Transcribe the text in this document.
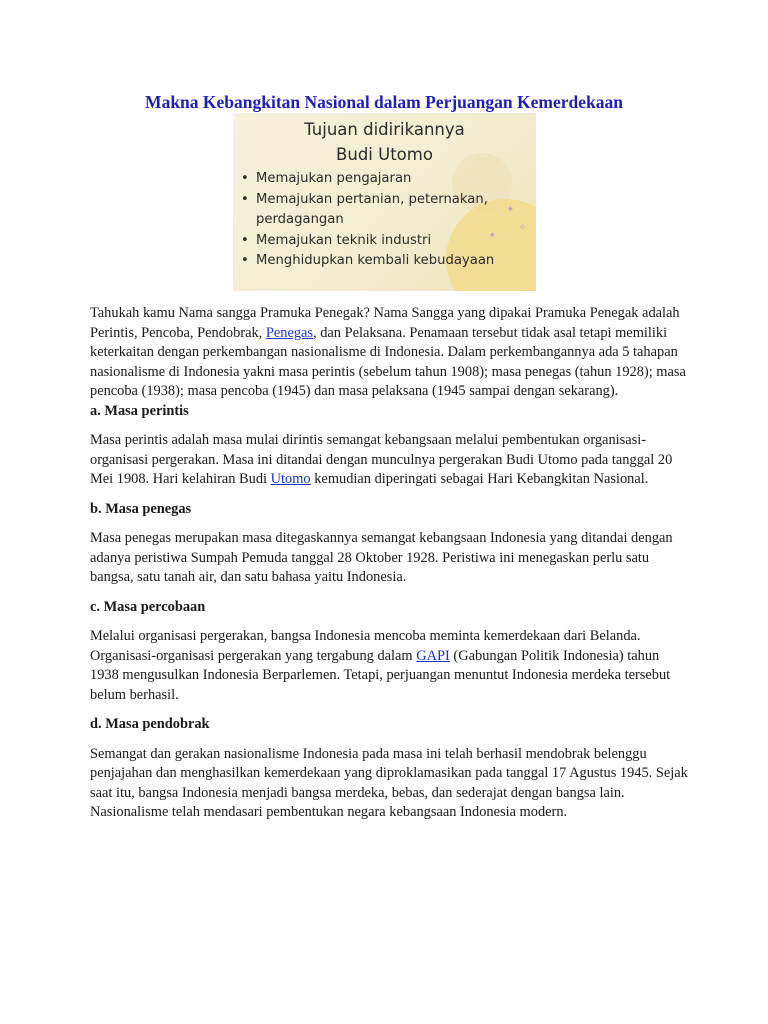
Makna Kebangkitan Nasional dalam Perjuangan Kemerdekaan
✦
✧
✦
Tujuan didirikannya
Budi Utomo
• Memajukan pengajaran
• Memajukan pertanian, peternakan, perdagangan
• Memajukan teknik industri
• Menghidupkan kembali kebudayaan

Tahukah kamu Nama sangga Pramuka Penegak? Nama Sangga yang dipakai Pramuka Penegak adalah Perintis, Pencoba, Pendobrak, Penegas, dan Pelaksana. Penamaan tersebut tidak asal tetapi memiliki keterkaitan dengan perkembangan nasionalisme di Indonesia. Dalam perkembangannya ada 5 tahapan nasionalisme di Indonesia yakni masa perintis (sebelum tahun 1908); masa penegas (tahun 1928); masa pencoba (1938); masa pencoba (1945) dan masa pelaksana (1945 sampai dengan sekarang).

a. Masa perintis

Masa perintis adalah masa mulai dirintis semangat kebangsaan melalui pembentukan organisasi-organisasi pergerakan. Masa ini ditandai dengan munculnya pergerakan Budi Utomo pada tanggal 20 Mei 1908. Hari kelahiran Budi Utomo kemudian diperingati sebagai Hari Kebangkitan Nasional.

b. Masa penegas

Masa penegas merupakan masa ditegaskannya semangat kebangsaan Indonesia yang ditandai dengan adanya peristiwa Sumpah Pemuda tanggal 28 Oktober 1928. Peristiwa ini menegaskan perlu satu bangsa, satu tanah air, dan satu bahasa yaitu Indonesia.

c. Masa percobaan

Melalui organisasi pergerakan, bangsa Indonesia mencoba meminta kemerdekaan dari Belanda. Organisasi-organisasi pergerakan yang tergabung dalam GAPI (Gabungan Politik Indonesia) tahun 1938 mengusulkan Indonesia Berparlemen. Tetapi, perjuangan menuntut Indonesia merdeka tersebut belum berhasil.

d. Masa pendobrak

Semangat dan gerakan nasionalisme Indonesia pada masa ini telah berhasil mendobrak belenggu penjajahan dan menghasilkan kemerdekaan yang diproklamasikan pada tanggal 17 Agustus 1945. Sejak saat itu, bangsa Indonesia menjadi bangsa merdeka, bebas, dan sederajat dengan bangsa lain. Nasionalisme telah mendasari pembentukan negara kebangsaan Indonesia modern.
